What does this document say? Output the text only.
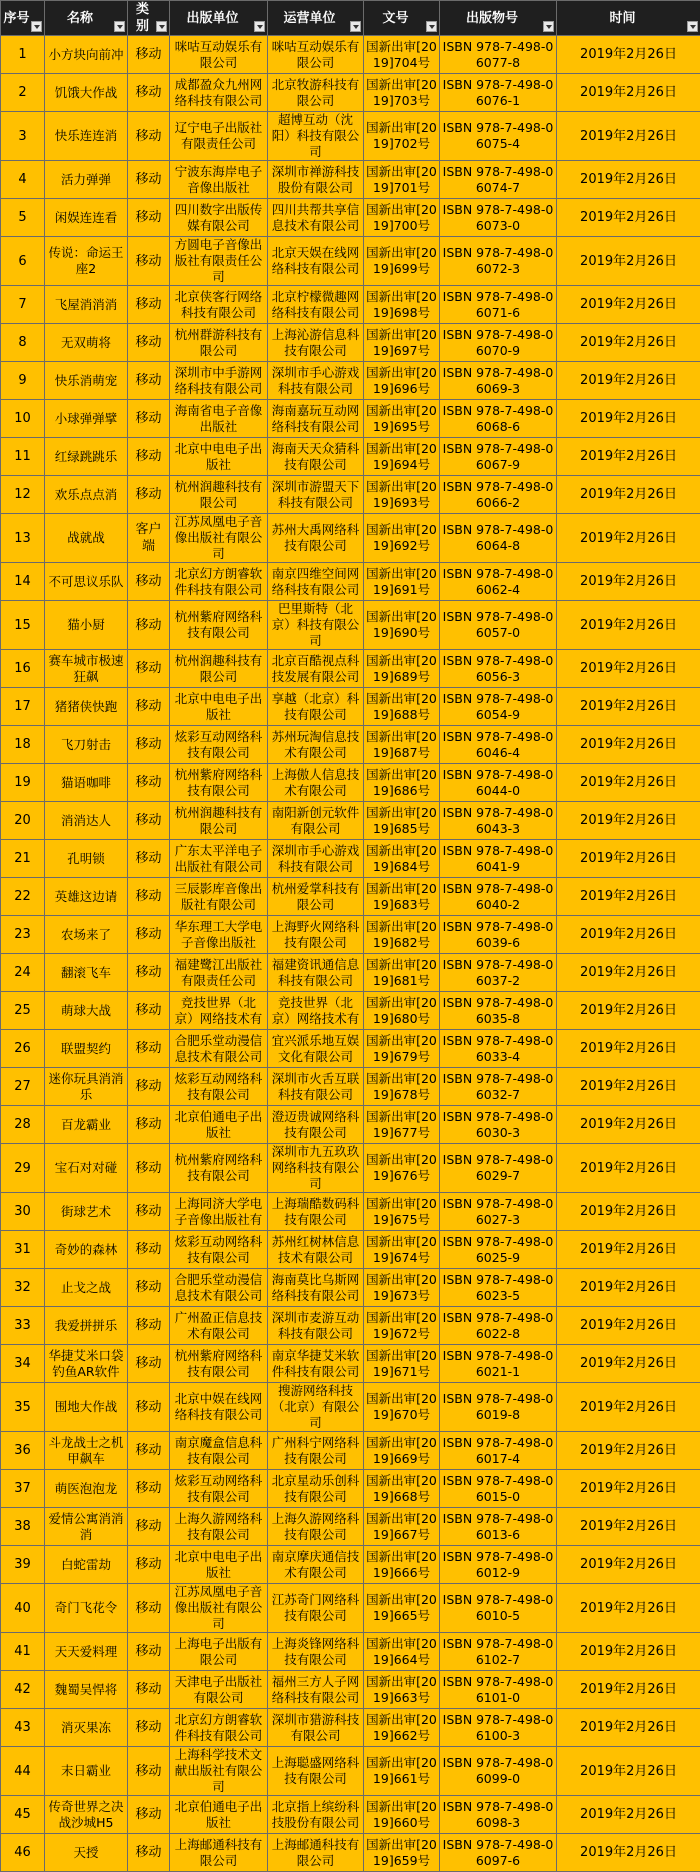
序号	名称	类别	出版单位	运营单位	文号	出版物号	时间

1	小方块向前冲	移动	咪咕互动娱乐有限公司	咪咕互动娱乐有限公司	国新出审[2019]704号	ISBN 978-7-498-06077-8	2019年2月26日

2	饥饿大作战	移动	成都盈众九州网络科技有限公司	北京牧游科技有限公司	国新出审[2019]703号	ISBN 978-7-498-06076-1	2019年2月26日

3	快乐连连消	移动	辽宁电子出版社有限责任公司	超博互动（沈阳）科技有限公司	国新出审[2019]702号	ISBN 978-7-498-06075-4	2019年2月26日

4	活力弹弹	移动	宁波东海岸电子音像出版社	深圳市禅游科技股份有限公司	国新出审[2019]701号	ISBN 978-7-498-06074-7	2019年2月26日

5	闲娱连连看	移动	四川数字出版传媒有限公司	四川共帮共享信息技术有限公司	国新出审[2019]700号	ISBN 978-7-498-06073-0	2019年2月26日

6	传说：命运王座2	移动	方圆电子音像出版社有限责任公司	北京天娱在线网络科技有限公司	国新出审[2019]699号	ISBN 978-7-498-06072-3	2019年2月26日

7	飞屋消消消	移动	北京侠客行网络科技有限公司	北京柠檬微趣网络科技有限公司	国新出审[2019]698号	ISBN 978-7-498-06071-6	2019年2月26日

8	无双萌将	移动	杭州群游科技有限公司	上海沁游信息科技有限公司	国新出审[2019]697号	ISBN 978-7-498-06070-9	2019年2月26日

9	快乐消萌宠	移动	深圳市中手游网络科技有限公司	深圳市手心游戏科技有限公司	国新出审[2019]696号	ISBN 978-7-498-06069-3	2019年2月26日

10	小球弹弹擘	移动	海南省电子音像出版社	海南嘉玩互动网络科技有限公司	国新出审[2019]695号	ISBN 978-7-498-06068-6	2019年2月26日

11	红绿跳跳乐	移动	北京中电电子出版社	海南天天众猜科技有限公司	国新出审[2019]694号	ISBN 978-7-498-06067-9	2019年2月26日

12	欢乐点点消	移动	杭州润趣科技有限公司	深圳市游盟天下科技有限公司	国新出审[2019]693号	ISBN 978-7-498-06066-2	2019年2月26日

13	战就战	客户端	江苏凤凰电子音像出版社有限公司	苏州大禹网络科技有限公司	国新出审[2019]692号	ISBN 978-7-498-06064-8	2019年2月26日

14	不可思议乐队	移动	北京幻方朗睿软件科技有限公司	南京四维空间网络科技有限公司	国新出审[2019]691号	ISBN 978-7-498-06062-4	2019年2月26日

15	猫小厨	移动	杭州紫府网络科技有限公司	巴里斯特（北京）科技有限公司	国新出审[2019]690号	ISBN 978-7-498-06057-0	2019年2月26日

16	赛车城市极速狂飙	移动	杭州润趣科技有限公司	北京百酷视点科技发展有限公司	国新出审[2019]689号	ISBN 978-7-498-06056-3	2019年2月26日

17	猪猪侠快跑	移动	北京中电电子出版社	享越（北京）科技有限公司	国新出审[2019]688号	ISBN 978-7-498-06054-9	2019年2月26日

18	飞刀射击	移动	炫彩互动网络科技有限公司	苏州玩淘信息技术有限公司	国新出审[2019]687号	ISBN 978-7-498-06046-4	2019年2月26日

19	猫语咖啡	移动	杭州紫府网络科技有限公司	上海傲人信息技术有限公司	国新出审[2019]686号	ISBN 978-7-498-06044-0	2019年2月26日

20	消消达人	移动	杭州润趣科技有限公司	南阳新创元软件有限公司	国新出审[2019]685号	ISBN 978-7-498-06043-3	2019年2月26日

21	孔明锁	移动	广东太平洋电子出版社有限公司	深圳市手心游戏科技有限公司	国新出审[2019]684号	ISBN 978-7-498-06041-9	2019年2月26日

22	英雄这边请	移动	三辰影库音像出版社有限公司	杭州爱掌科技有限公司	国新出审[2019]683号	ISBN 978-7-498-06040-2	2019年2月26日

23	农场来了	移动	华东理工大学电子音像出版社	上海野火网络科技有限公司	国新出审[2019]682号	ISBN 978-7-498-06039-6	2019年2月26日

24	翻滚飞车	移动	福建鹭江出版社有限责任公司	福建资讯通信息科技有限公司	国新出审[2019]681号	ISBN 978-7-498-06037-2	2019年2月26日

25	萌球大战	移动	竞技世界（北京）网络技术有	竞技世界（北京）网络技术有	国新出审[2019]680号	ISBN 978-7-498-06035-8	2019年2月26日

26	联盟契约	移动	合肥乐堂动漫信息技术有限公司	宜兴派乐地互娱文化有限公司	国新出审[2019]679号	ISBN 978-7-498-06033-4	2019年2月26日

27	迷你玩具消消乐	移动	炫彩互动网络科技有限公司	深圳市火舌互联科技有限公司	国新出审[2019]678号	ISBN 978-7-498-06032-7	2019年2月26日

28	百龙霸业	移动	北京伯通电子出版社	澄迈贵诚网络科技有限公司	国新出审[2019]677号	ISBN 978-7-498-06030-3	2019年2月26日

29	宝石对对碰	移动	杭州紫府网络科技有限公司	深圳市九五玖玖网络科技有限公司	国新出审[2019]676号	ISBN 978-7-498-06029-7	2019年2月26日

30	街球艺术	移动	上海同济大学电子音像出版社有	上海瑞酷数码科技有限公司	国新出审[2019]675号	ISBN 978-7-498-06027-3	2019年2月26日

31	奇妙的森林	移动	炫彩互动网络科技有限公司	苏州红树林信息技术有限公司	国新出审[2019]674号	ISBN 978-7-498-06025-9	2019年2月26日

32	止戈之战	移动	合肥乐堂动漫信息技术有限公司	海南莫比乌斯网络科技有限公司	国新出审[2019]673号	ISBN 978-7-498-06023-5	2019年2月26日

33	我爱拼拼乐	移动	广州盈正信息技术有限公司	深圳市麦游互动科技有限公司	国新出审[2019]672号	ISBN 978-7-498-06022-8	2019年2月26日

34	华捷艾米口袋钓鱼AR软件	移动	杭州紫府网络科技有限公司	南京华捷艾米软件科技有限公司	国新出审[2019]671号	ISBN 978-7-498-06021-1	2019年2月26日

35	围地大作战	移动	北京中娱在线网络科技有限公司	搜游网络科技（北京）有限公司	国新出审[2019]670号	ISBN 978-7-498-06019-8	2019年2月26日

36	斗龙战士之机甲飙车	移动	南京魔盒信息科技有限公司	广州科宁网络科技有限公司	国新出审[2019]669号	ISBN 978-7-498-06017-4	2019年2月26日

37	萌医泡泡龙	移动	炫彩互动网络科技有限公司	北京星动乐创科技有限公司	国新出审[2019]668号	ISBN 978-7-498-06015-0	2019年2月26日

38	爱情公寓消消消	移动	上海久游网络科技有限公司	上海久游网络科技有限公司	国新出审[2019]667号	ISBN 978-7-498-06013-6	2019年2月26日

39	白蛇雷劫	移动	北京中电电子出版社	南京摩庆通信技术有限公司	国新出审[2019]666号	ISBN 978-7-498-06012-9	2019年2月26日

40	奇门飞花令	移动	江苏凤凰电子音像出版社有限公司	江苏奇门网络科技有限公司	国新出审[2019]665号	ISBN 978-7-498-06010-5	2019年2月26日

41	天天爱料理	移动	上海电子出版有限公司	上海炎锋网络科技有限公司	国新出审[2019]664号	ISBN 978-7-498-06102-7	2019年2月26日

42	魏蜀吴悍将	移动	天津电子出版社有限公司	福州三方人子网络科技有限公司	国新出审[2019]663号	ISBN 978-7-498-06101-0	2019年2月26日

43	消灭果冻	移动	北京幻方朗睿软件科技有限公司	深圳市猎游科技有限公司	国新出审[2019]662号	ISBN 978-7-498-06100-3	2019年2月26日

44	末日霸业	移动	上海科学技术文献出版社有限公司	上海聪盛网络科技有限公司	国新出审[2019]661号	ISBN 978-7-498-06099-0	2019年2月26日

45	传奇世界之决战沙城H5	移动	北京伯通电子出版社	北京指上缤纷科技股份有限公司	国新出审[2019]660号	ISBN 978-7-498-06098-3	2019年2月26日

46	天授	移动	上海邮通科技有限公司	上海邮通科技有限公司	国新出审[2019]659号	ISBN 978-7-498-06097-6	2019年2月26日
